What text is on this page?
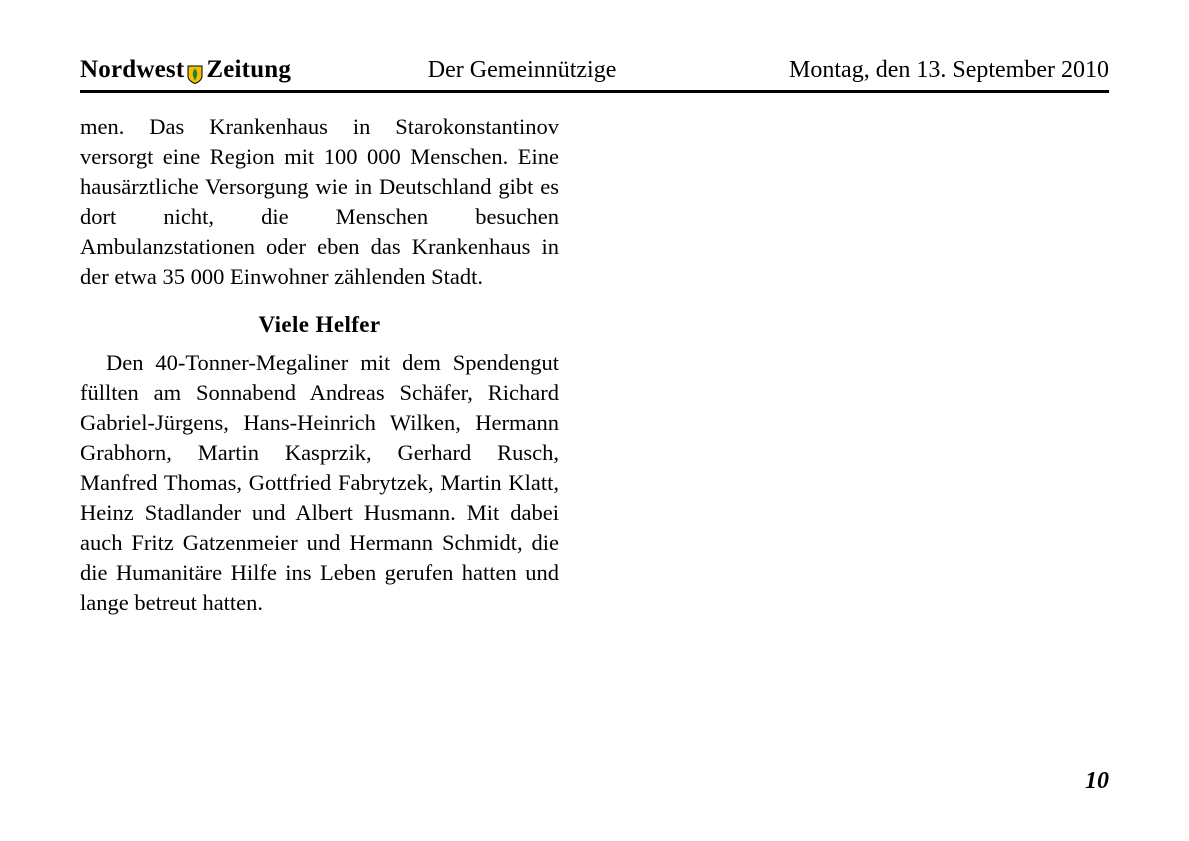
Nordwest Zeitung	Der Gemeinnützige	Montag, den 13. September 2010

men. Das Krankenhaus in Starokonstantinov versorgt eine Region mit 100 000 Menschen. Eine hausärztliche Versorgung wie in Deutschland gibt es dort nicht, die Menschen besuchen Ambulanzstationen oder eben das Krankenhaus in der etwa 35 000 Einwohner zählenden Stadt.

Viele Helfer

Den 40-Tonner-Megaliner mit dem Spendengut füllten am Sonnabend Andreas Schäfer, Richard Gabriel-Jürgens, Hans-Heinrich Wilken, Hermann Grabhorn, Martin Kasprzik, Gerhard Rusch, Manfred Thomas, Gottfried Fabrytzek, Martin Klatt, Heinz Stadlander und Albert Husmann. Mit dabei auch Fritz Gatzenmeier und Hermann Schmidt, die die Humanitäre Hilfe ins Leben gerufen hatten und lange betreut hatten.

10
